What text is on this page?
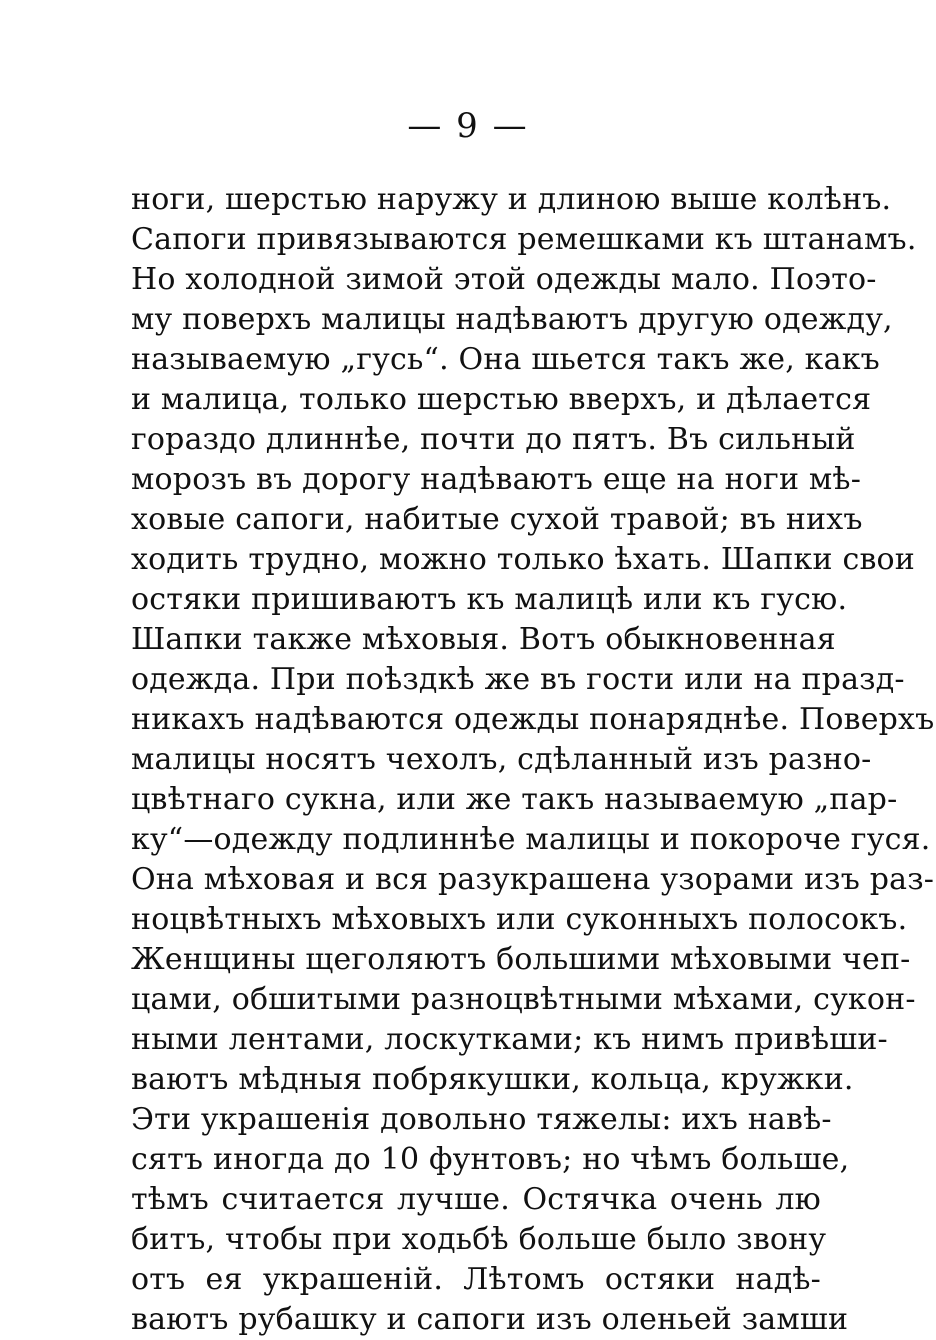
— 9 —
ноги, шерстью наружу и длиною выше колѣнъ.
Сапоги привязываются ремешками къ штанамъ.
Но холодной зимой этой одежды мало. Поэто-
му поверхъ малицы надѣваютъ другую одежду,
называемую „гусь“. Она шьется такъ же, какъ
и малица, только шерстью вверхъ, и дѣлается
гораздо длиннѣе, почти до пятъ. Въ сильный
морозъ въ дорогу надѣваютъ еще на ноги мѣ-
ховые сапоги, набитые сухой травой; въ нихъ
ходить трудно, можно только ѣхать. Шапки свои
остяки пришиваютъ къ малицѣ или къ гусю.
Шапки также мѣховыя. Вотъ обыкновенная
одежда. При поѣздкѣ же въ гости или на празд-
никахъ надѣваются одежды понаряднѣе. Поверхъ
малицы носятъ чехолъ, сдѣланный изъ разно-
цвѣтнаго сукна, или же такъ называемую „пар-
ку“—одежду подлиннѣе малицы и покороче гуся.
Она мѣховая и вся разукрашена узорами изъ раз-
ноцвѣтныхъ мѣховыхъ или суконныхъ полосокъ.
Женщины щеголяютъ большими мѣховыми чеп-
цами, обшитыми разноцвѣтными мѣхами, сукон-
ными лентами, лоскутками; къ нимъ привѣши-
ваютъ мѣдныя побрякушки, кольца, кружки.
Эти украшенія довольно тяжелы: ихъ навѣ-
сятъ иногда до 10 фунтовъ; но чѣмъ больше,
тѣмъ считается лучше. Остячка очень лю
битъ, чтобы при ходьбѣ больше было звону
отъ ея украшеній. Лѣтомъ остяки надѣ-
ваютъ рубашку и сапоги изъ оленьей замши
